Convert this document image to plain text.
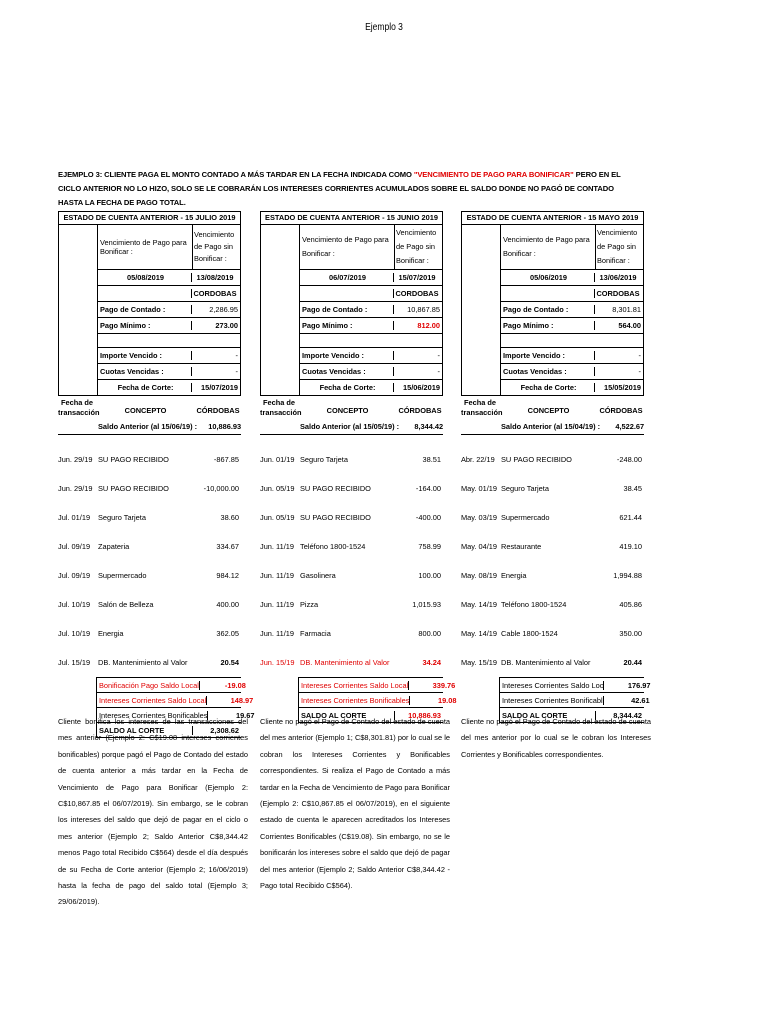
Ejemplo 3
EJEMPLO 3: CLIENTE PAGA EL MONTO CONTADO A MÁS TARDAR EN LA FECHA INDICADA COMO "VENCIMIENTO DE PAGO PARA BONIFICAR" PERO EN EL CICLO ANTERIOR NO LO HIZO, SOLO SE LE COBRARÁN LOS INTERESES CORRIENTES ACUMULADOS SOBRE EL SALDO DONDE NO PAGÓ DE CONTADO HASTA LA FECHA DE PAGO TOTAL.
ESTADO DE CUENTA ANTERIOR - 15 JULIO 2019
Vencimiento de Pago para Bonificar :
Vencimiento de Pago sin Bonificar :
05/08/2019	13/08/2019
CORDOBAS
Pago de Contado :	2,286.95
Pago Mínimo :	273.00
Importe Vencido :	-
Cuotas Vencidas :	-
Fecha de Corte:	15/07/2019
Fecha de transacción	CONCEPTO	CÓRDOBAS
Saldo Anterior (al 15/06/19) :	10,886.93
Jun. 29/19 SU PAGO RECIBIDO	-867.85
Jun. 29/19 SU PAGO RECIBIDO	-10,000.00
Jul. 01/19	Seguro Tarjeta	38.60
Jul. 09/19	Zapateria	334.67
Jul. 09/19	Supermercado	984.12
Jul. 10/19	Salón de Belleza	400.00
Jul. 10/19	Energia	362.05
Jul. 15/19	DB. Mantenimiento al Valor	20.54
Bonificación Pago Saldo Local	-19.08
Intereses Corrientes Saldo Local	148.97
Intereses Corrientes Bonificables	19.67
SALDO AL CORTE	2,308.62
ESTADO DE CUENTA ANTERIOR - 15 JUNIO 2019
Vencimiento de Pago para Bonificar :
Vencimiento de Pago sin Bonificar :
06/07/2019	15/07/2019
CORDOBAS
Pago de Contado :	10,867.85
Pago Mínimo :	812.00
Importe Vencido :	-
Cuotas Vencidas :	-
Fecha de Corte:	15/06/2019
Fecha de transacción	CONCEPTO	CÓRDOBAS
Saldo Anterior (al 15/05/19) :	8,344.42
Jun. 01/19 Seguro Tarjeta	38.51
Jun. 05/19 SU PAGO RECIBIDO	-164.00
Jun. 05/19 SU PAGO RECIBIDO	-400.00
Jun. 11/19 Teléfono 1800-1524	758.99
Jun. 11/19 Gasolinera	100.00
Jun. 11/19 Pizza	1,015.93
Jun. 11/19 Farmacia	800.00
Jun. 15/19 DB. Mantenimiento al Valor	34.24
Intereses Corrientes Saldo Local	339.76
Intereses Corrientes Bonificables	19.08
SALDO AL CORTE	10,886.93
ESTADO DE CUENTA ANTERIOR - 15 MAYO 2019
Vencimiento de Pago para Bonificar :
Vencimiento de Pago sin Bonificar :
05/06/2019	13/06/2019
CORDOBAS
Pago de Contado :	8,301.81
Pago Mínimo :	564.00
Importe Vencido :	-
Cuotas Vencidas :	-
Fecha de Corte:	15/05/2019
Fecha de transacción	CONCEPTO	CÓRDOBAS
Saldo Anterior (al 15/04/19) :	4,522.67
Abr. 22/19 SU PAGO RECIBIDO	-248.00
May. 01/19 Seguro Tarjeta	38.45
May. 03/19 Supermercado	621.44
May. 04/19 Restaurante	419.10
May. 08/19 Energia	1,994.88
May. 14/19 Teléfono 1800-1524	405.86
May. 14/19 Cable 1800-1524	350.00
May. 15/19 DB. Mantenimiento al Valor	20.44
Intereses Corrientes Saldo Loc	176.97
Intereses Corrientes Bonificabl	42.61
SALDO AL CORTE	8,344.42
Cliente bonifica los intereses de las transacciones del mes anterior (Ejemplo 2: C$19.08 intereses corrientes bonificables) porque pagó el Pago de Contado del estado de cuenta anterior a más tardar en la Fecha de Vencimiento de Pago para Bonificar (Ejemplo 2: C$10,867.85 el 06/07/2019). Sin embargo, se le cobran los intereses del saldo que dejó de pagar en el ciclo o mes anterior (Ejemplo 2; Saldo Anterior C$8,344.42 menos Pago total Recibido C$564) desde el día después de su Fecha de Corte anterior (Ejemplo 2; 16/06/2019) hasta la fecha de pago del saldo total (Ejemplo 3; 29/06/2019).
Cliente no pagó el Pago de Contado del estado de cuenta del mes anterior (Ejemplo 1; C$8,301.81) por lo cual se le cobran los Intereses Corrientes y Bonificables correspondientes. Si realiza el Pago de Contado a más tardar en la Fecha de Vencimiento de Pago para Bonificar (Ejemplo 2: C$10,867.85 el 06/07/2019), en el siguiente estado de cuenta le aparecen acreditados los Intereses Corrientes Bonificables (C$19.08). Sin embargo, no se le bonificarán los intereses sobre el saldo que dejó de pagar del mes anterior (Ejemplo 2; Saldo Anterior C$8,344.42 - Pago total Recibido C$564).
Cliente no pagó el Pago de Contado del estado de cuenta del mes anterior por lo cual se le cobran los Intereses Corrientes y Bonificables correspondientes.
